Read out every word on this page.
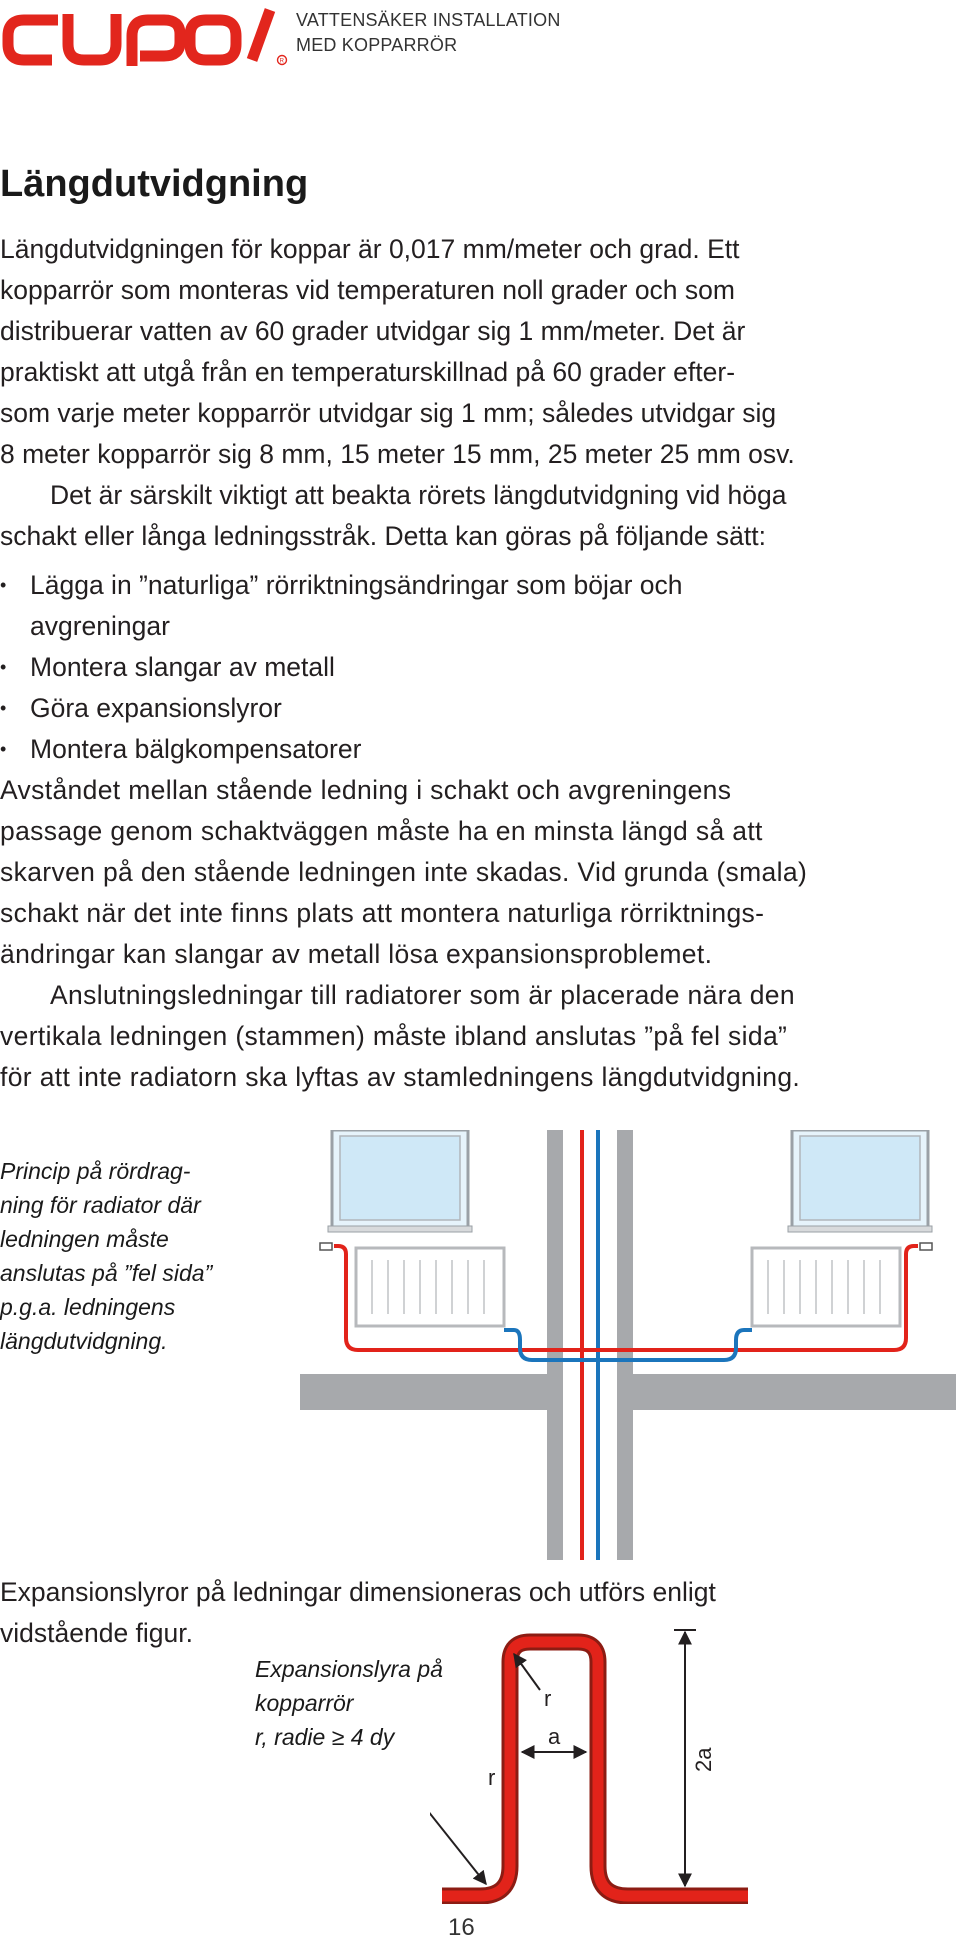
R
VATTENSÄKER INSTALLATION
MED KOPPARRÖR
Längdutvidgning
Längdutvidgningen för koppar är 0,017 mm/meter och grad. Ett
kopparrör som monteras vid temperaturen noll grader och som
distribuerar vatten av 60 grader utvidgar sig 1 mm/meter. Det är
praktiskt att utgå från en temperaturskillnad på 60 grader efter-
som varje meter kopparrör utvidgar sig 1 mm; således utvidgar sig
8 meter kopparrör sig 8 mm, 15 meter 15 mm, 25 meter 25 mm osv.
Det är särskilt viktigt att beakta rörets längdutvidgning vid höga
schakt eller långa ledningsstråk. Detta kan göras på följande sätt:
• Lägga in ”naturliga” rörriktningsändringar som böjar och
avgreningar
• Montera slangar av metall
• Göra expansionslyror
• Montera bälgkompensatorer
Avståndet mellan stående ledning i schakt och avgreningens
passage genom schaktväggen måste ha en minsta längd så att
skarven på den stående ledningen inte skadas. Vid grunda (smala)
schakt när det inte finns plats att montera naturliga rörriktnings-
ändringar kan slangar av metall lösa expansionsproblemet.
Anslutningsledningar till radiatorer som är placerade nära den
vertikala ledningen (stammen) måste ibland anslutas ”på fel sida”
för att inte radiatorn ska lyftas av stamledningens längdutvidgning.
Princip på rördrag-
ning för radiator där
ledningen måste
anslutas på ”fel sida”
p.g.a. ledningens
längdutvidgning.
Expansionslyror på ledningar dimensioneras och utförs enligt
vidstående figur.
Expansionslyra på
kopparrör
r, radie ≥ 4 dy	a
r
2a
r
16
